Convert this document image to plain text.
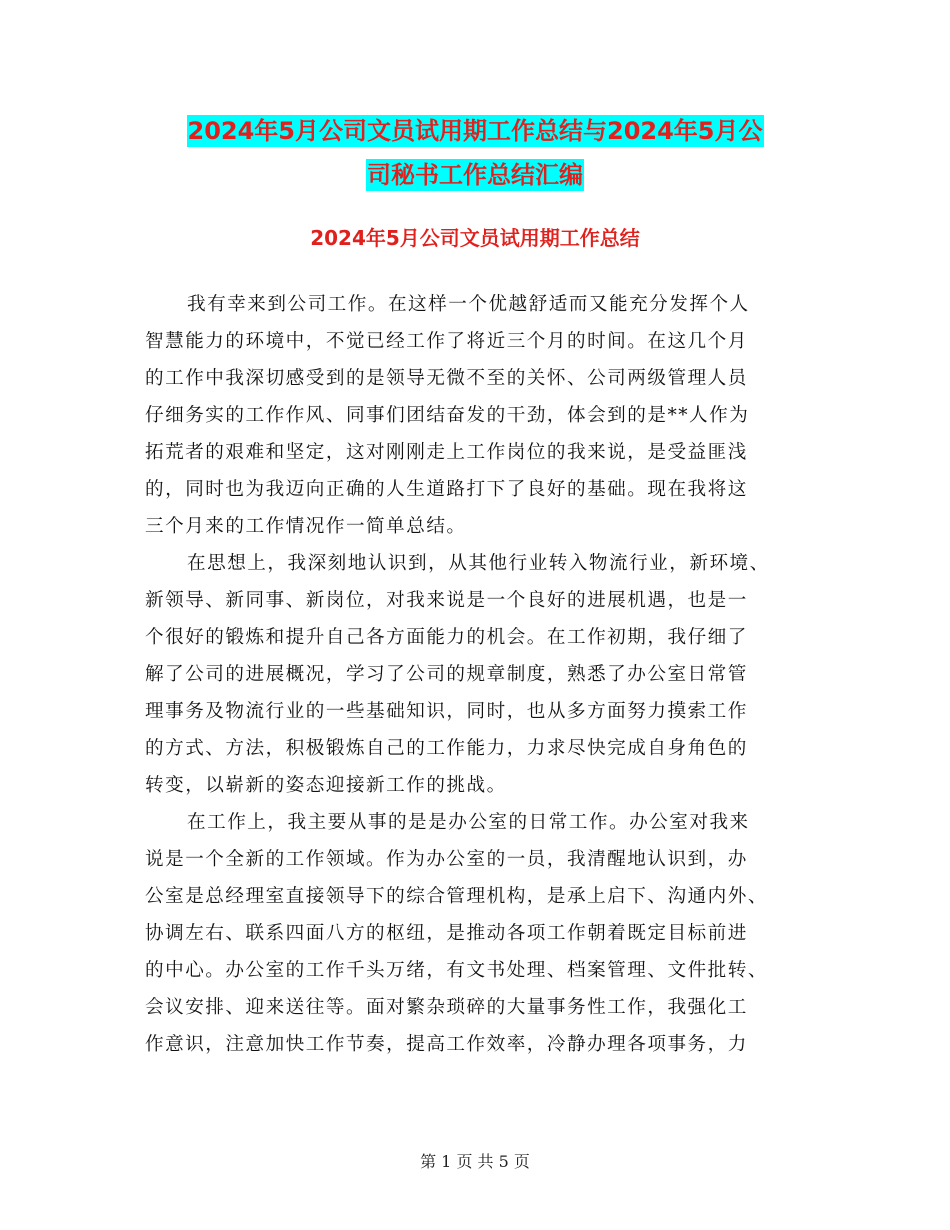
2024年5月公司文员试用期工作总结与2024年5月公
司秘书工作总结汇编
2024年5月公司文员试用期工作总结
我有幸来到公司工作。在这样一个优越舒适而又能充分发挥个人
智慧能力的环境中，不觉已经工作了将近三个月的时间。在这几个月
的工作中我深切感受到的是领导无微不至的关怀、公司两级管理人员
仔细务实的工作作风、同事们团结奋发的干劲，体会到的是**人作为
拓荒者的艰难和坚定，这对刚刚走上工作岗位的我来说，是受益匪浅
的，同时也为我迈向正确的人生道路打下了良好的基础。现在我将这
三个月来的工作情况作一简单总结。
在思想上，我深刻地认识到，从其他行业转入物流行业，新环境、
新领导、新同事、新岗位，对我来说是一个良好的进展机遇，也是一
个很好的锻炼和提升自己各方面能力的机会。在工作初期，我仔细了
解了公司的进展概况，学习了公司的规章制度，熟悉了办公室日常管
理事务及物流行业的一些基础知识，同时，也从多方面努力摸索工作
的方式、方法，积极锻炼自己的工作能力，力求尽快完成自身角色的
转变，以崭新的姿态迎接新工作的挑战。
在工作上，我主要从事的是是办公室的日常工作。办公室对我来
说是一个全新的工作领域。作为办公室的一员，我清醒地认识到，办
公室是总经理室直接领导下的综合管理机构，是承上启下、沟通内外、
协调左右、联系四面八方的枢纽，是推动各项工作朝着既定目标前进
的中心。办公室的工作千头万绪，有文书处理、档案管理、文件批转、
会议安排、迎来送往等。面对繁杂琐碎的大量事务性工作，我强化工
作意识，注意加快工作节奏，提高工作效率，冷静办理各项事务，力
第 1 页 共 5 页
